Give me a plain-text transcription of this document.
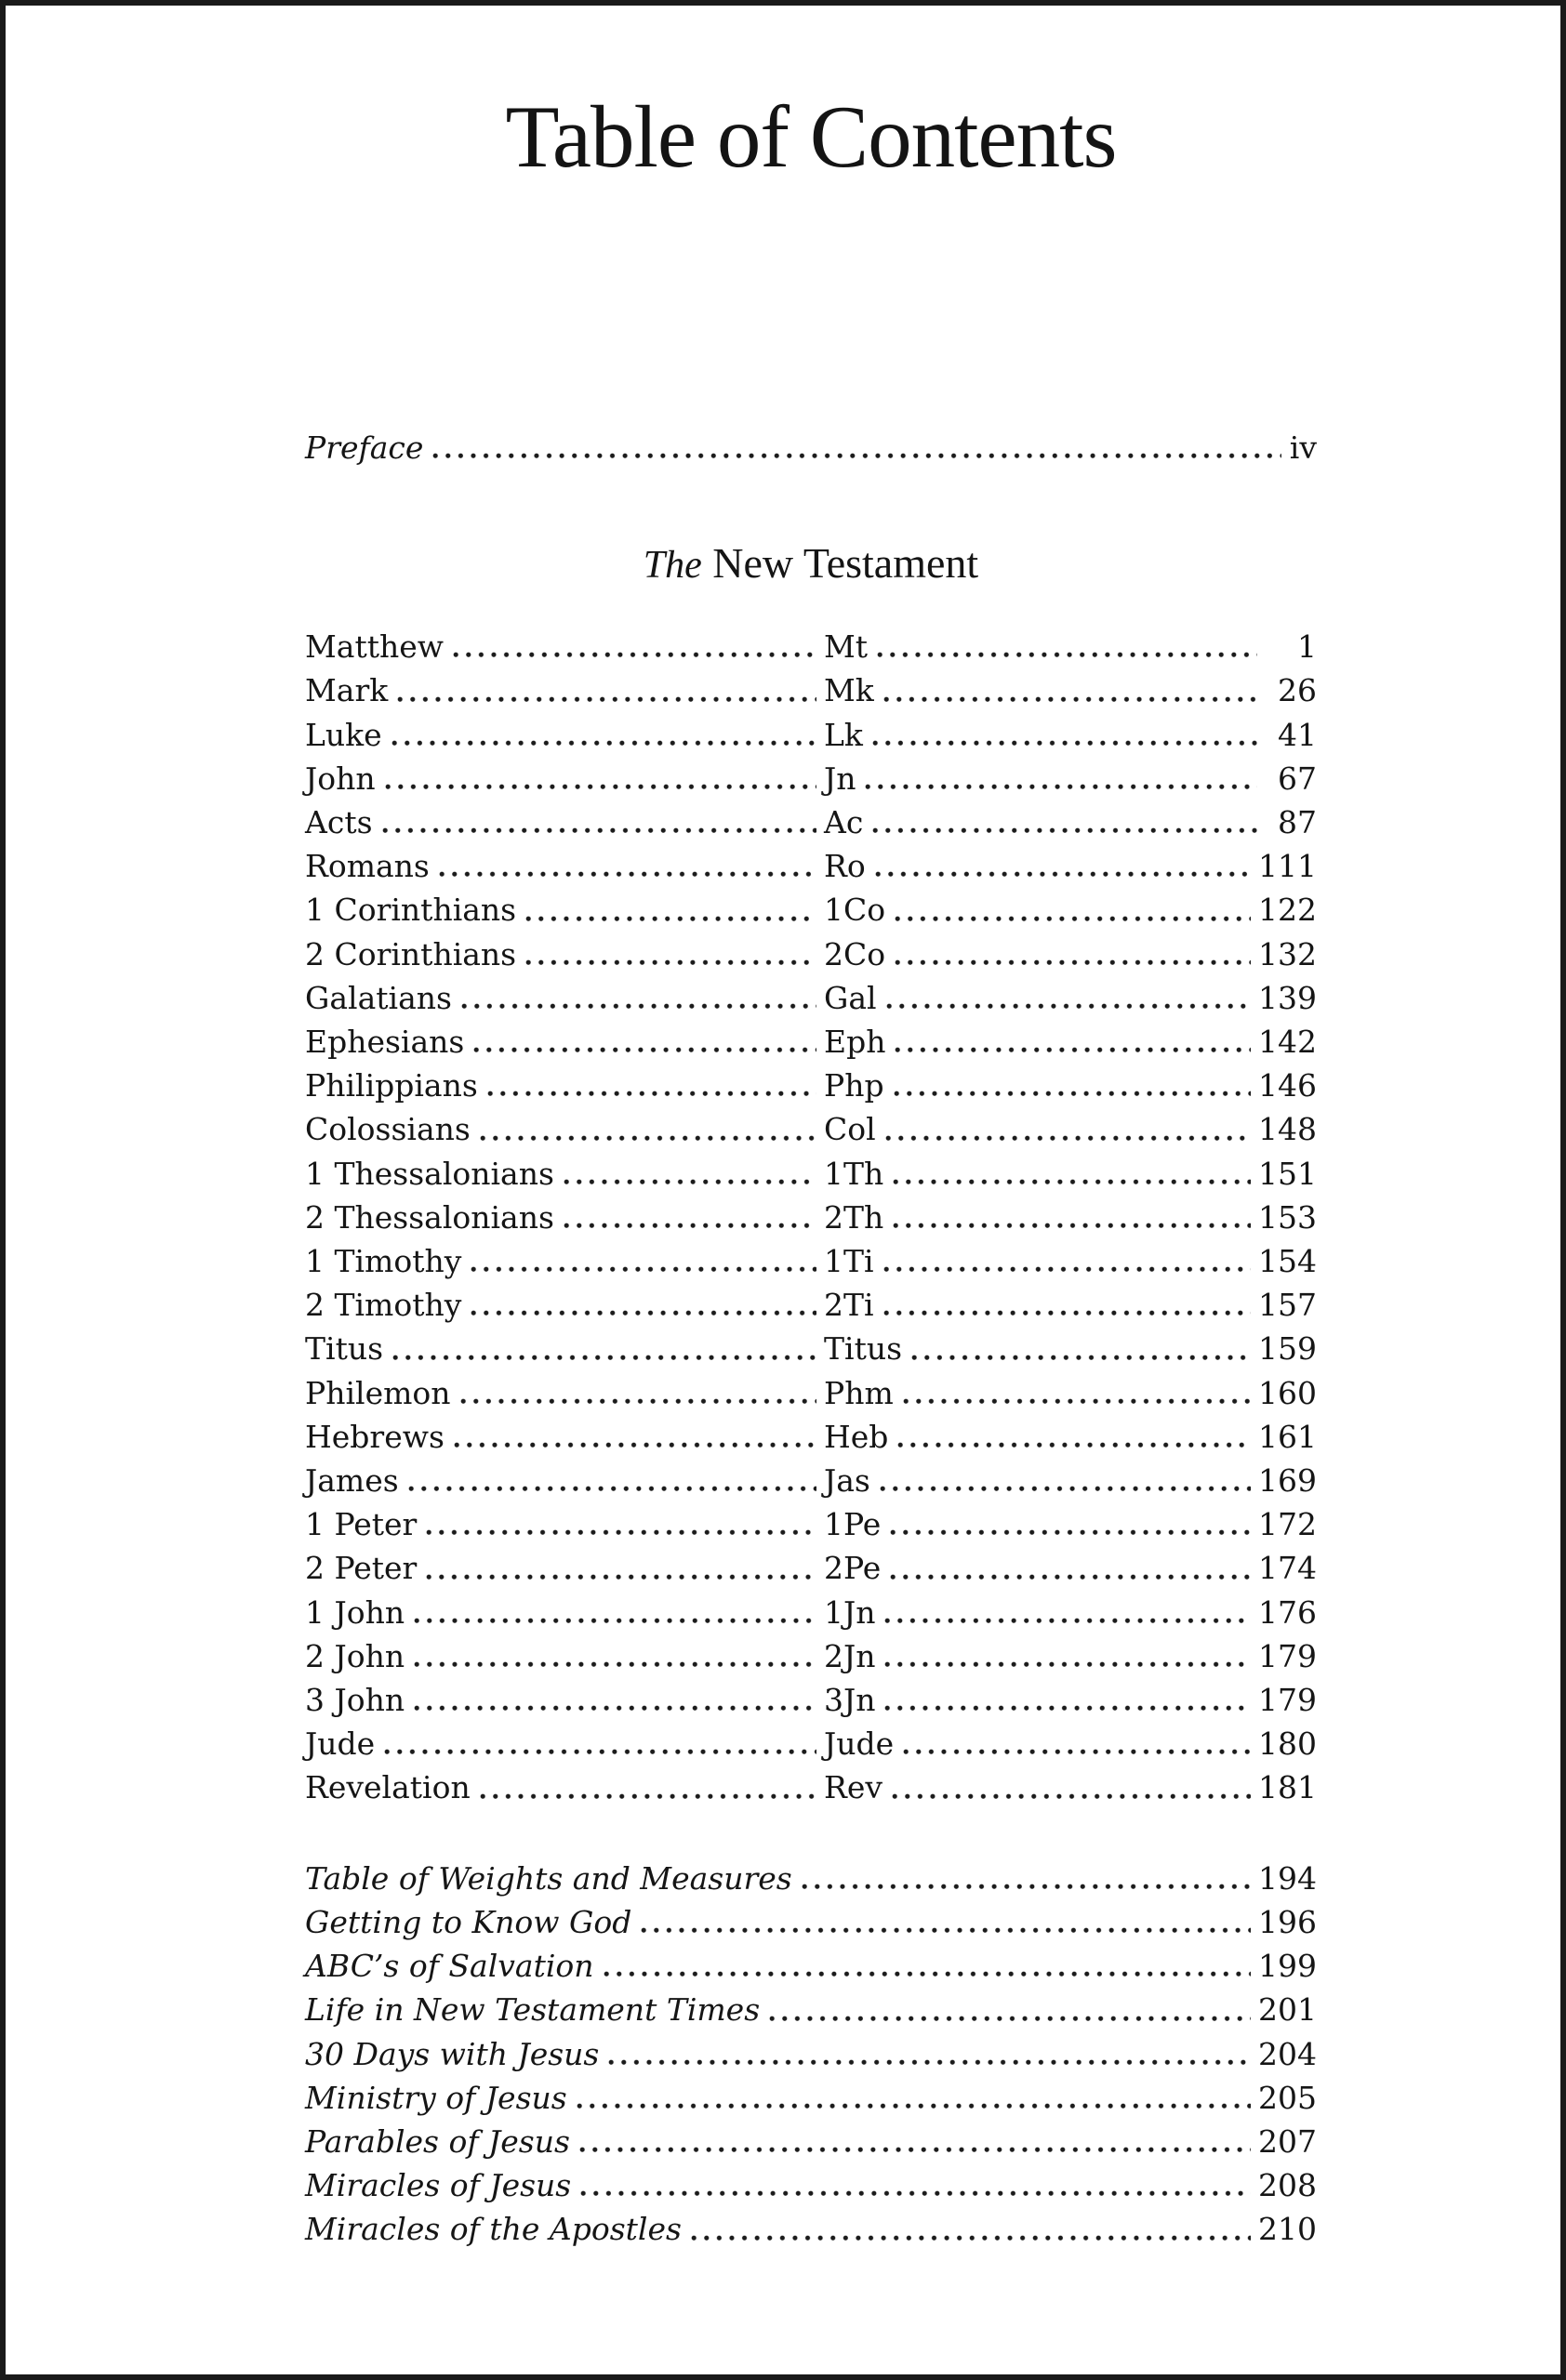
Table of Contents
Preface	iv
The New Testament
Matthew	Mt	1
Mark	Mk	26
Luke	Lk	41
John	Jn	67
Acts	Ac	87
Romans	Ro	111
1 Corinthians	1Co	122
2 Corinthians	2Co	132
Galatians	Gal	139
Ephesians	Eph	142
Philippians	Php	146
Colossians	Col	148
1 Thessalonians	1Th	151
2 Thessalonians	2Th	153
1 Timothy	1Ti	154
2 Timothy	2Ti	157
Titus	Titus	159
Philemon	Phm	160
Hebrews	Heb	161
James	Jas	169
1 Peter	1Pe	172
2 Peter	2Pe	174
1 John	1Jn	176
2 John	2Jn	179
3 John	3Jn	179
Jude	Jude	180
Revelation	Rev	181
Table of Weights and Measures	194
Getting to Know God	196
ABC’s of Salvation	199
Life in New Testament Times	201
30 Days with Jesus	204
Ministry of Jesus	205
Parables of Jesus	207
Miracles of Jesus	208
Miracles of the Apostles	210
